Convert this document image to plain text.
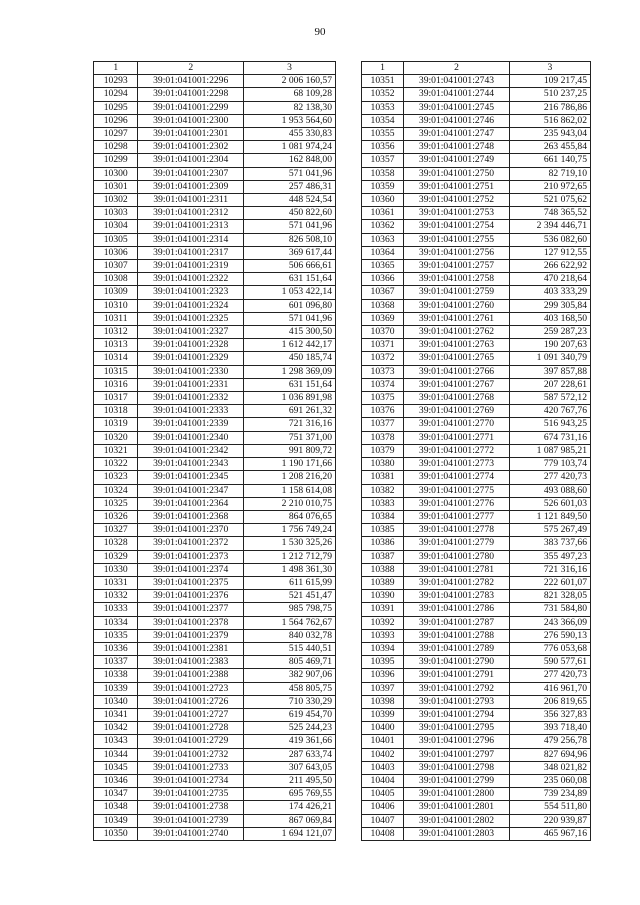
90
1	2	3
10293	39:01:041001:2296	2 006 160,57
10294	39:01:041001:2298	68 109,28
10295	39:01:041001:2299	82 138,30
10296	39:01:041001:2300	1 953 564,60
10297	39:01:041001:2301	455 330,83
10298	39:01:041001:2302	1 081 974,24
10299	39:01:041001:2304	162 848,00
10300	39:01:041001:2307	571 041,96
10301	39:01:041001:2309	257 486,31
10302	39:01:041001:2311	448 524,54
10303	39:01:041001:2312	450 822,60
10304	39:01:041001:2313	571 041,96
10305	39:01:041001:2314	826 508,10
10306	39:01:041001:2317	369 617,44
10307	39:01:041001:2319	506 666,61
10308	39:01:041001:2322	631 151,64
10309	39:01:041001:2323	1 053 422,14
10310	39:01:041001:2324	601 096,80
10311	39:01:041001:2325	571 041,96
10312	39:01:041001:2327	415 300,50
10313	39:01:041001:2328	1 612 442,17
10314	39:01:041001:2329	450 185,74
10315	39:01:041001:2330	1 298 369,09
10316	39:01:041001:2331	631 151,64
10317	39:01:041001:2332	1 036 891,98
10318	39:01:041001:2333	691 261,32
10319	39:01:041001:2339	721 316,16
10320	39:01:041001:2340	751 371,00
10321	39:01:041001:2342	991 809,72
10322	39:01:041001:2343	1 190 171,66
10323	39:01:041001:2345	1 208 216,20
10324	39:01:041001:2347	1 158 614,08
10325	39:01:041001:2364	2 210 010,75
10326	39:01:041001:2368	864 076,65
10327	39:01:041001:2370	1 756 749,24
10328	39:01:041001:2372	1 530 325,26
10329	39:01:041001:2373	1 212 712,79
10330	39:01:041001:2374	1 498 361,30
10331	39:01:041001:2375	611 615,99
10332	39:01:041001:2376	521 451,47
10333	39:01:041001:2377	985 798,75
10334	39:01:041001:2378	1 564 762,67
10335	39:01:041001:2379	840 032,78
10336	39:01:041001:2381	515 440,51
10337	39:01:041001:2383	805 469,71
10338	39:01:041001:2388	382 907,06
10339	39:01:041001:2723	458 805,75
10340	39:01:041001:2726	710 330,29
10341	39:01:041001:2727	619 454,70
10342	39:01:041001:2728	525 244,23
10343	39:01:041001:2729	419 361,66
10344	39:01:041001:2732	287 633,74
10345	39:01:041001:2733	307 643,05
10346	39:01:041001:2734	211 495,50
10347	39:01:041001:2735	695 769,55
10348	39:01:041001:2738	174 426,21
10349	39:01:041001:2739	867 069,84
10350	39:01:041001:2740	1 694 121,07
1	2	3
10351	39:01:041001:2743	109 217,45
10352	39:01:041001:2744	510 237,25
10353	39:01:041001:2745	216 786,86
10354	39:01:041001:2746	516 862,02
10355	39:01:041001:2747	235 943,04
10356	39:01:041001:2748	263 455,84
10357	39:01:041001:2749	661 140,75
10358	39:01:041001:2750	82 719,10
10359	39:01:041001:2751	210 972,65
10360	39:01:041001:2752	521 075,62
10361	39:01:041001:2753	748 365,52
10362	39:01:041001:2754	2 394 446,71
10363	39:01:041001:2755	536 082,60
10364	39:01:041001:2756	127 912,55
10365	39:01:041001:2757	266 622,92
10366	39:01:041001:2758	470 218,64
10367	39:01:041001:2759	403 333,29
10368	39:01:041001:2760	299 305,84
10369	39:01:041001:2761	403 168,50
10370	39:01:041001:2762	259 287,23
10371	39:01:041001:2763	190 207,63
10372	39:01:041001:2765	1 091 340,79
10373	39:01:041001:2766	397 857,88
10374	39:01:041001:2767	207 228,61
10375	39:01:041001:2768	587 572,12
10376	39:01:041001:2769	420 767,76
10377	39:01:041001:2770	516 943,25
10378	39:01:041001:2771	674 731,16
10379	39:01:041001:2772	1 087 985,21
10380	39:01:041001:2773	779 103,74
10381	39:01:041001:2774	277 420,73
10382	39:01:041001:2775	493 088,60
10383	39:01:041001:2776	526 601,03
10384	39:01:041001:2777	1 121 849,50
10385	39:01:041001:2778	575 267,49
10386	39:01:041001:2779	383 737,66
10387	39:01:041001:2780	355 497,23
10388	39:01:041001:2781	721 316,16
10389	39:01:041001:2782	222 601,07
10390	39:01:041001:2783	821 328,05
10391	39:01:041001:2786	731 584,80
10392	39:01:041001:2787	243 366,09
10393	39:01:041001:2788	276 590,13
10394	39:01:041001:2789	776 053,68
10395	39:01:041001:2790	590 577,61
10396	39:01:041001:2791	277 420,73
10397	39:01:041001:2792	416 961,70
10398	39:01:041001:2793	206 819,65
10399	39:01:041001:2794	356 327,83
10400	39:01:041001:2795	393 718,40
10401	39:01:041001:2796	479 256,78
10402	39:01:041001:2797	827 694,96
10403	39:01:041001:2798	348 021,82
10404	39:01:041001:2799	235 060,08
10405	39:01:041001:2800	739 234,89
10406	39:01:041001:2801	554 511,80
10407	39:01:041001:2802	220 939,87
10408	39:01:041001:2803	465 967,16
